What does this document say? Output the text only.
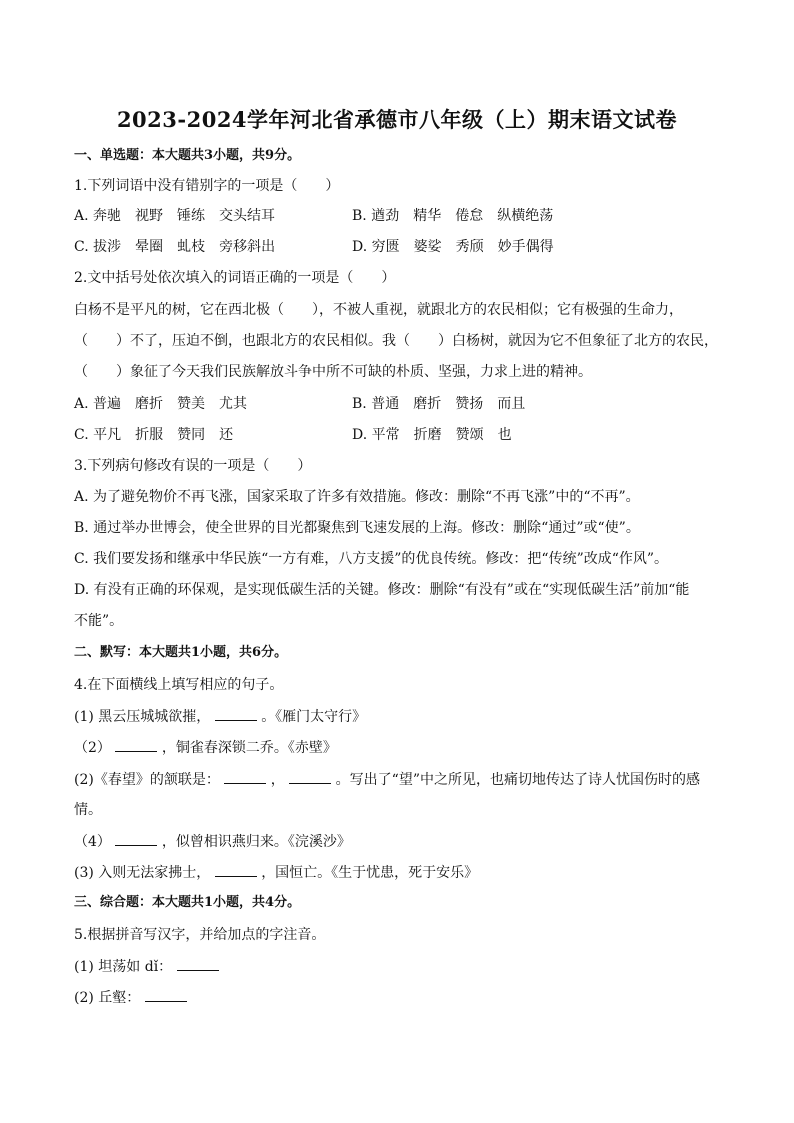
2023-2024学年河北省承德市八年级（上）期末语文试卷
一、单选题：本大题共3小题，共9分。
1.下列词语中没有错别字的一项是（　　）
A. 奔驰　视野　锤练　交头结耳	B. 遒劲　精华　倦怠　纵横绝荡
C. 拔涉　晕圈　虬枝　旁移斜出	D. 穷匮　婆娑　秀颀　妙手偶得
2.文中括号处依次填入的词语正确的一项是（　　）
白杨不是平凡的树，它在西北极（　　），不被人重视，就跟北方的农民相似；它有极强的生命力，
（　　）不了，压迫不倒，也跟北方的农民相似。我（　　）白杨树，就因为它不但象征了北方的农民，
（　　）象征了今天我们民族解放斗争中所不可缺的朴质、坚强，力求上进的精神。
A. 普遍　磨折　赞美　尤其	B. 普通　磨折　赞扬　而且
C. 平凡　折服　赞同　还	D. 平常　折磨　赞颂　也
3.下列病句修改有误的一项是（　　）
A. 为了避免物价不再飞涨，国家采取了许多有效措施。修改：删除“不再飞涨”中的“不再”。
B. 通过举办世博会，使全世界的目光都聚焦到飞速发展的上海。修改：删除“通过”或“使”。
C. 我们要发扬和继承中华民族“一方有难，八方支援”的优良传统。修改：把“传统”改成“作风”。
D. 有没有正确的环保观，是实现低碳生活的关键。修改：删除“有没有”或在“实现低碳生活”前加“能
不能”。
二、默写：本大题共1小题，共6分。
4.在下面横线上填写相应的句子。
(1) 黑云压城城欲摧，	。《雁门太守行》
（2）	，铜雀春深锁二乔。《赤壁》
(2)《春望》的颔联是：	，	。写出了“望”中之所见，也痛切地传达了诗人忧国伤时的感
情。
（4）	，似曾相识燕归来。《浣溪沙》
(3) 入则无法家拂士，	，国恒亡。《生于忧患，死于安乐》
三、综合题：本大题共1小题，共4分。
5.根据拼音写汉字，并给加点的字注音。
(1) 坦荡如 dǐ：
(2) 丘壑：
